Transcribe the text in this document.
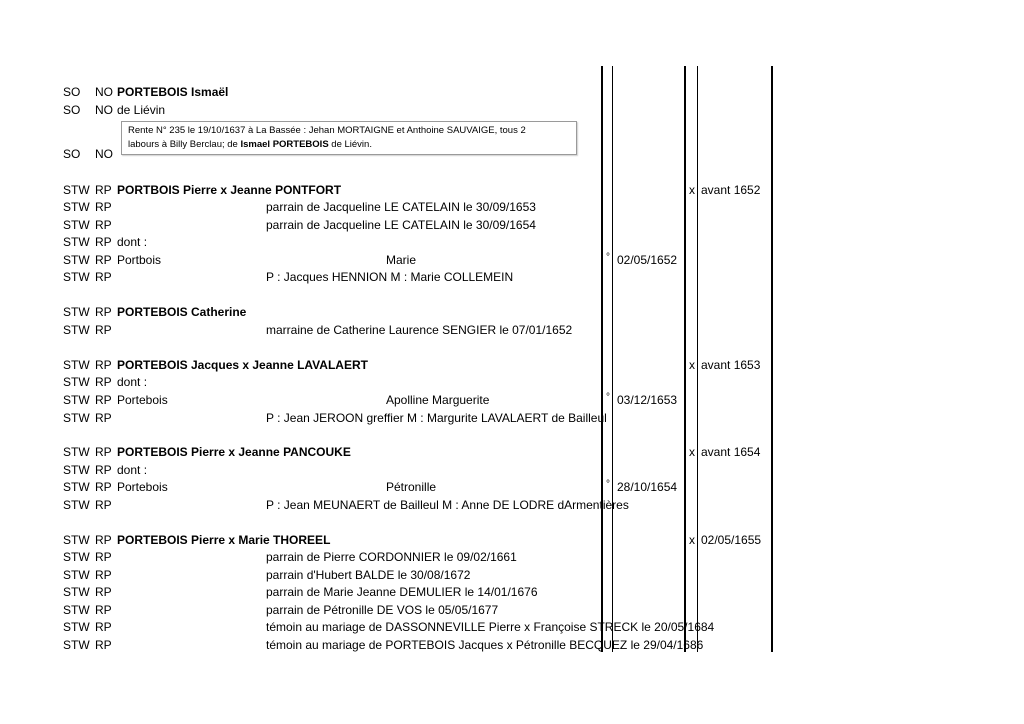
SO NO PORTEBOIS Ismaël
SO NO de Liévin
SO NO
STW RP PORTBOIS Pierre x Jeanne PONTFORT	x avant 1652
STW RP	parrain de Jacqueline LE CATELAIN le 30/09/1653
STW RP	parrain de Jacqueline LE CATELAIN le 30/09/1654
STW RP dont :
STW RP Portbois	Marie	° 02/05/1652
STW RP	P : Jacques HENNION M : Marie COLLEMEIN
STW RP PORTEBOIS Catherine
STW RP	marraine de Catherine Laurence SENGIER le 07/01/1652
STW RP PORTEBOIS Jacques x Jeanne LAVALAERT	x avant 1653
STW RP dont :
STW RP Portebois	Apolline Marguerite	° 03/12/1653
STW RP	P : Jean JEROON greffier M : Margurite LAVALAERT de Bailleul
STW RP PORTEBOIS Pierre x Jeanne PANCOUKE	x avant 1654
STW RP dont :
STW RP Portebois	Pétronille	° 28/10/1654
STW RP	P : Jean MEUNAERT de Bailleul M : Anne DE LODRE dArmentières
STW RP PORTEBOIS Pierre x Marie THOREEL	x 02/05/1655
STW RP	parrain de Pierre CORDONNIER le 09/02/1661
STW RP	parrain d'Hubert BALDE le 30/08/1672
STW RP	parrain de Marie Jeanne DEMULIER le 14/01/1676
STW RP	parrain de Pétronille DE VOS le 05/05/1677
STW RP	témoin au mariage de DASSONNEVILLE Pierre x Françoise STRECK le 20/05/1684
STW RP	témoin au mariage de PORTEBOIS Jacques x Pétronille BECQUEZ le 29/04/1686
Rente N° 235 le 19/10/1637 à La Bassée : Jehan MORTAIGNE et Anthoine SAUVAIGE, tous 2
labours à Billy Berclau; de Ismael PORTEBOIS de Liévin.
